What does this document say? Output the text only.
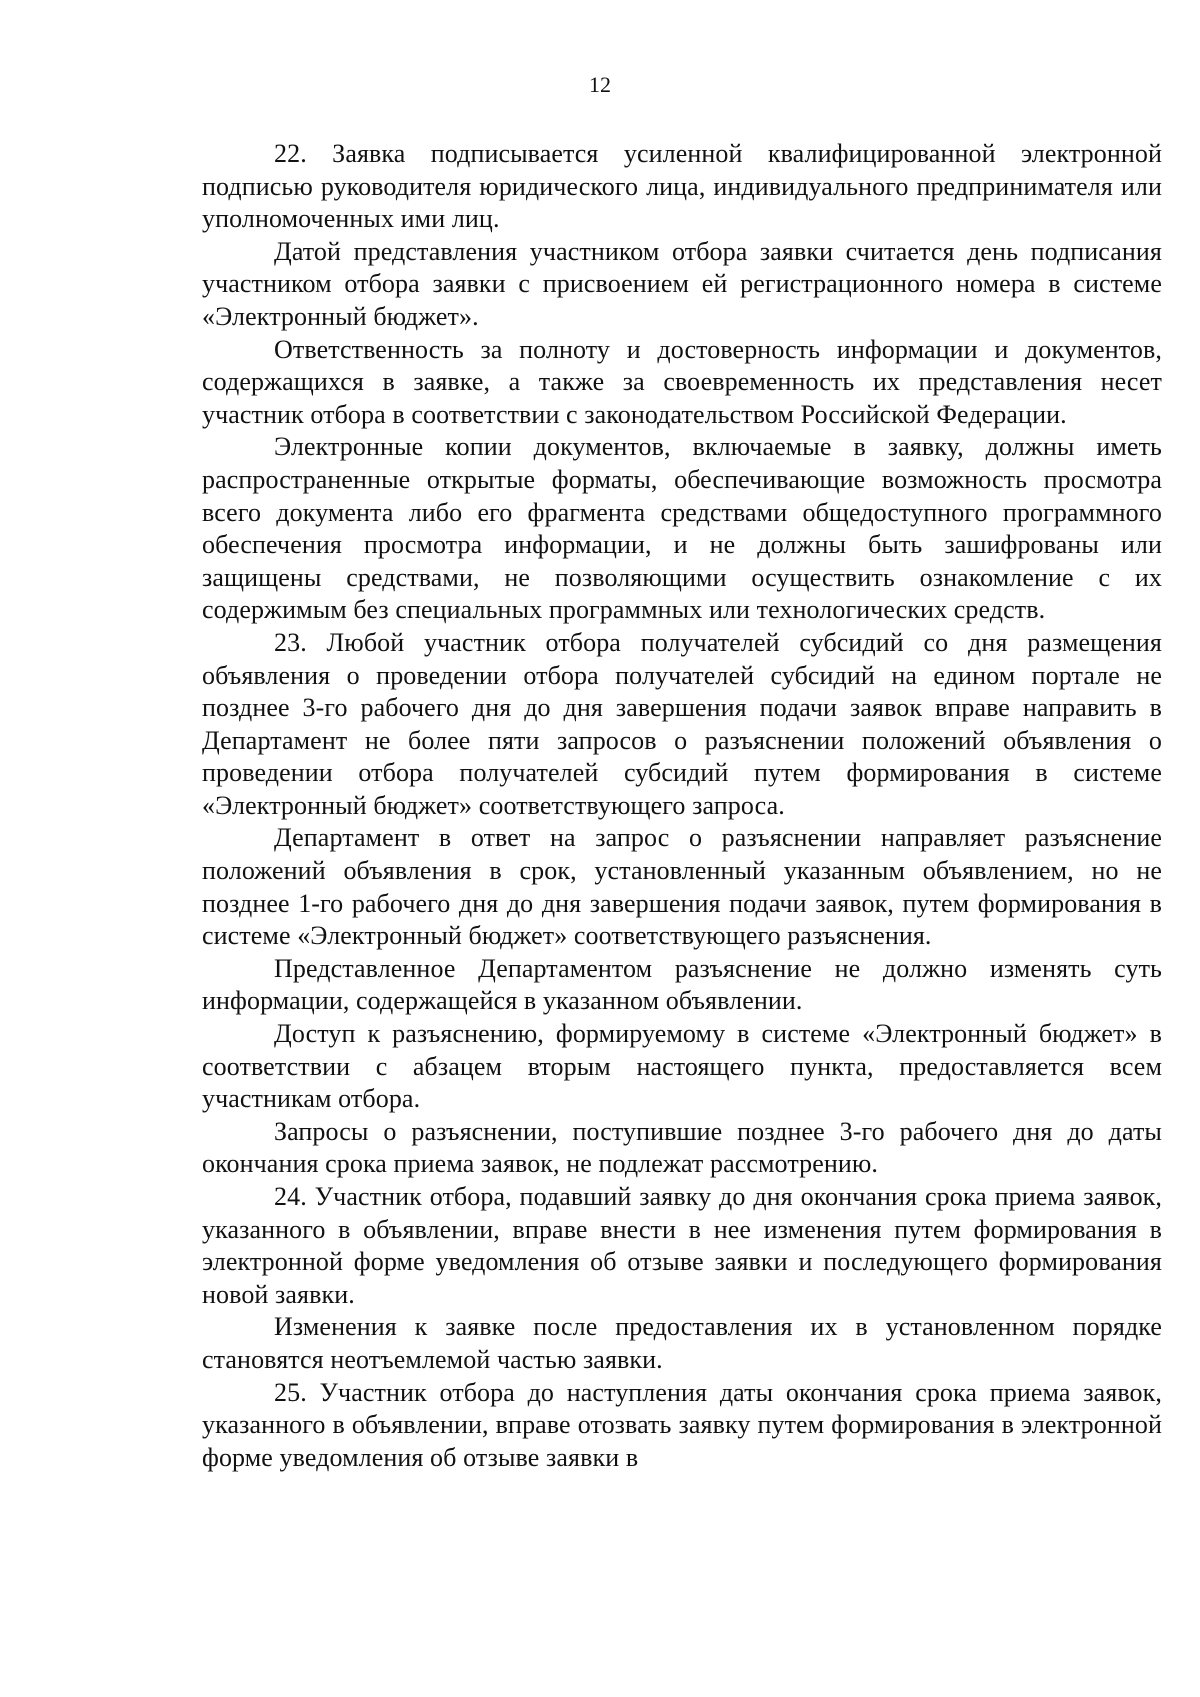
12

22. Заявка подписывается усиленной квалифицированной электронной подписью руководителя юридического лица, индивидуального предпринимателя или уполномоченных ими лиц.

Датой представления участником отбора заявки считается день подписания участником отбора заявки с присвоением ей регистрационного номера в системе «Электронный бюджет».

Ответственность за полноту и достоверность информации и документов, содержащихся в заявке, а также за своевременность их представления несет участник отбора в соответствии с законодательством Российской Федерации.

Электронные копии документов, включаемые в заявку, должны иметь распространенные открытые форматы, обеспечивающие возможность просмотра всего документа либо его фрагмента средствами общедоступного программного обеспечения просмотра информации, и не должны быть зашифрованы или защищены средствами, не позволяющими осуществить ознакомление с их содержимым без специальных программных или технологических средств.

23. Любой участник отбора получателей субсидий со дня размещения объявления о проведении отбора получателей субсидий на едином портале не позднее 3-го рабочего дня до дня завершения подачи заявок вправе направить в Департамент не более пяти запросов о разъяснении положений объявления о проведении отбора получателей субсидий путем формирования в системе «Электронный бюджет» соответствующего запроса.

Департамент в ответ на запрос о разъяснении направляет разъяснение положений объявления в срок, установленный указанным объявлением, но не позднее 1-го рабочего дня до дня завершения подачи заявок, путем формирования в системе «Электронный бюджет» соответствующего разъяснения.

Представленное Департаментом разъяснение не должно изменять суть информации, содержащейся в указанном объявлении.

Доступ к разъяснению, формируемому в системе «Электронный бюджет» в соответствии с абзацем вторым настоящего пункта, предоставляется всем участникам отбора.

Запросы о разъяснении, поступившие позднее 3-го рабочего дня до даты окончания срока приема заявок, не подлежат рассмотрению.

24. Участник отбора, подавший заявку до дня окончания срока приема заявок, указанного в объявлении, вправе внести в нее изменения путем формирования в электронной форме уведомления об отзыве заявки и последующего формирования новой заявки.

Изменения к заявке после предоставления их в установленном порядке становятся неотъемлемой частью заявки.

25. Участник отбора до наступления даты окончания срока приема заявок, указанного в объявлении, вправе отозвать заявку путем формирования в электронной форме уведомления об отзыве заявки в
